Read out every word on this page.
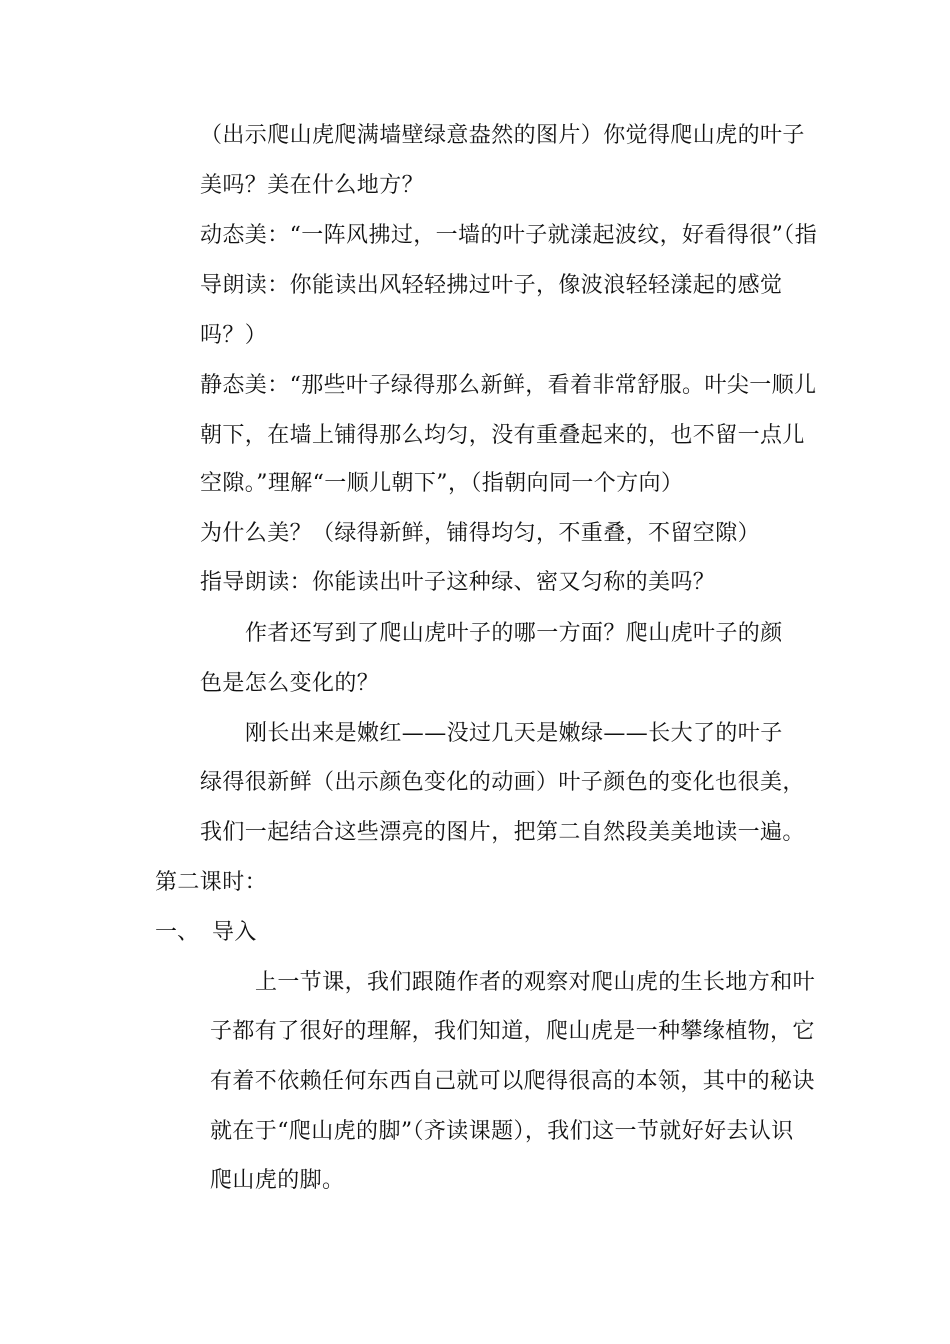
（出示爬山虎爬满墙壁绿意盎然的图片）你觉得爬山虎的叶子
美吗？美在什么地方？
动态美：“一阵风拂过，一墙的叶子就漾起波纹，好看得很”（指
导朗读：你能读出风轻轻拂过叶子，像波浪轻轻漾起的感觉
吗？）
静态美：“那些叶子绿得那么新鲜，看着非常舒服。叶尖一顺儿
朝下，在墙上铺得那么均匀，没有重叠起来的，也不留一点儿
空隙。”理解“一顺儿朝下”，（指朝向同一个方向）
为什么美？（绿得新鲜，铺得均匀，不重叠，不留空隙）
指导朗读：你能读出叶子这种绿、密又匀称的美吗？
作者还写到了爬山虎叶子的哪一方面？爬山虎叶子的颜
色是怎么变化的？
刚长出来是嫩红——没过几天是嫩绿——长大了的叶子
绿得很新鲜（出示颜色变化的动画）叶子颜色的变化也很美，
我们一起结合这些漂亮的图片，把第二自然段美美地读一遍。
第二课时：
一、 导入
上一节课，我们跟随作者的观察对爬山虎的生长地方和叶
子都有了很好的理解，我们知道，爬山虎是一种攀缘植物，它
有着不依赖任何东西自己就可以爬得很高的本领，其中的秘诀
就在于“爬山虎的脚”（齐读课题），我们这一节就好好去认识
爬山虎的脚。
